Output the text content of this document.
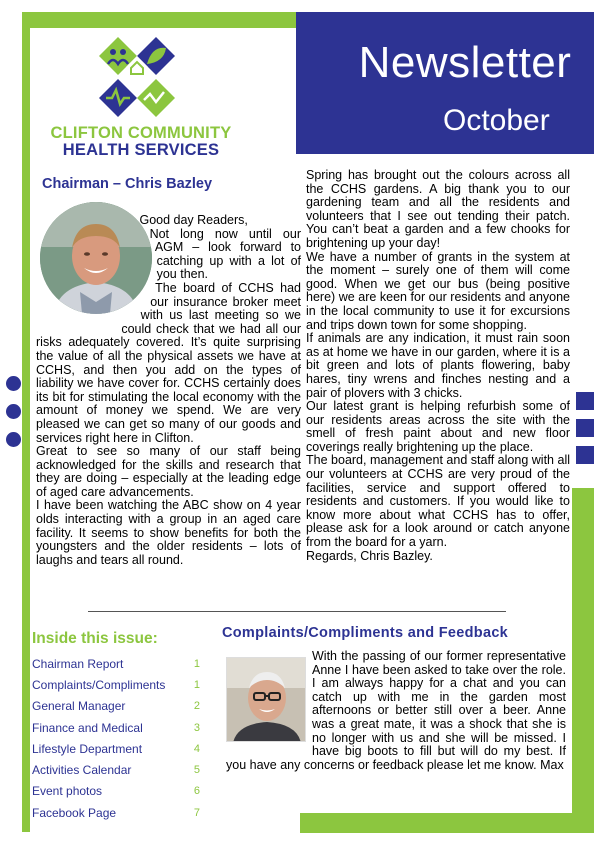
Newsletter
October
CLIFTON COMMUNITY
HEALTH SERVICES
Chairman – Chris Bazley

Good day Readers,

Not long now until our AGM – look forward to catching up with a lot of you then.

The board of CCHS had our insurance broker meet with us last meeting so we could check that we had all our risks adequately covered. It’s quite surprising the value of all the physical assets we have at CCHS, and then you add on the types of liability we have cover for. CCHS certainly does its bit for stimulating the local economy with the amount of money we spend. We are very pleased we can get so many of our goods and services right here in Clifton.

Great to see so many of our staff being acknowledged for the skills and research that they are doing – especially at the leading edge of aged care advancements.

I have been watching the ABC show on 4 year olds interacting with a group in an aged care facility. It seems to show benefits for both the youngsters and the older residents – lots of laughs and tears all round.

Spring has brought out the colours across all the CCHS gardens. A big thank you to our gardening team and all the residents and volunteers that I see out tending their patch. You can’t beat a garden and a few chooks for brightening up your day!

We have a number of grants in the system at the moment – surely one of them will come good. When we get our bus (being positive here) we are keen for our residents and anyone in the local community to use it for excursions and trips down town for some shopping.

If animals are any indication, it must rain soon as at home we have in our garden, where it is a bit green and lots of plants flowering, baby hares, tiny wrens and finches nesting and a pair of plovers with 3 chicks.

Our latest grant is helping refurbish some of our residents areas across the site with the smell of fresh paint about and new floor coverings really brightening up the place.

The board, management and staff along with all our volunteers at CCHS are very proud of the facilities, service and support offered to residents and customers. If you would like to know more about what CCHS has to offer, please ask for a look around or catch anyone from the board for a yarn.

Regards, Chris Bazley.

Inside this issue:
Chairman Report	1
Complaints/Compliments	1
General Manager	2
Finance and Medical	3
Lifestyle Department	4
Activities Calendar	5
Event photos	6
Facebook Page	7
Complaints/Compliments and Feedback

With the passing of our former representative Anne I have been asked to take over the role. I am always happy for a chat and you can catch up with me in the garden most afternoons or better still over a beer. Anne was a great mate, it was a shock that she is no longer with us and she will be missed. I have big boots to fill but will do my best. If you have any concerns or feedback please let me know. Max
